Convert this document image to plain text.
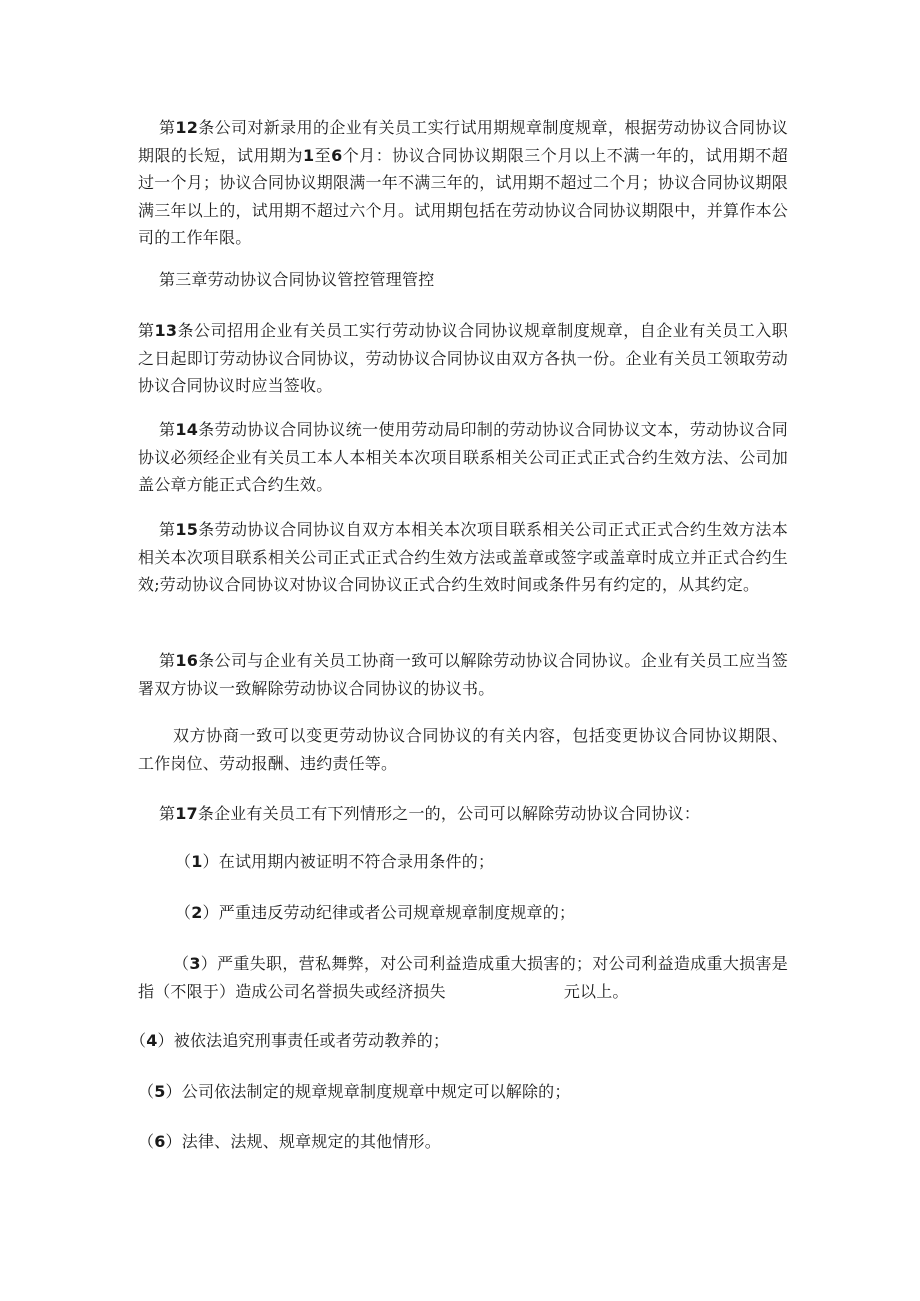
第12条公司对新录用的企业有关员工实行试用期规章制度规章，根据劳动协议合同协议期限的长短，试用期为1至6个月：协议合同协议期限三个月以上不满一年的，试用期不超过一个月；协议合同协议期限满一年不满三年的，试用期不超过二个月；协议合同协议期限满三年以上的，试用期不超过六个月。试用期包括在劳动协议合同协议期限中，并算作本公司的工作年限。

第三章劳动协议合同协议管控管理管控

第13条公司招用企业有关员工实行劳动协议合同协议规章制度规章，自企业有关员工入职之日起即订劳动协议合同协议，劳动协议合同协议由双方各执一份。企业有关员工领取劳动协议合同协议时应当签收。

第14条劳动协议合同协议统一使用劳动局印制的劳动协议合同协议文本，劳动协议合同协议必须经企业有关员工本人本相关本次项目联系相关公司正式正式合约生效方法、公司加盖公章方能正式合约生效。

第15条劳动协议合同协议自双方本相关本次项目联系相关公司正式正式合约生效方法本相关本次项目联系相关公司正式正式合约生效方法或盖章或签字或盖章时成立并正式合约生效;劳动协议合同协议对协议合同协议正式合约生效时间或条件另有约定的，从其约定。

第16条公司与企业有关员工协商一致可以解除劳动协议合同协议。企业有关员工应当签署双方协议一致解除劳动协议合同协议的协议书。

双方协商一致可以变更劳动协议合同协议的有关内容，包括变更协议合同协议期限、工作岗位、劳动报酬、违约责任等。

第17条企业有关员工有下列情形之一的，公司可以解除劳动协议合同协议：

（1）在试用期内被证明不符合录用条件的；

（2）严重违反劳动纪律或者公司规章规章制度规章的；

（3）严重失职，营私舞弊，对公司利益造成重大损害的；对公司利益造成重大损害是指（不限于）造成公司名誉损失或经济损失	元以上。

（4）被依法追究刑事责任或者劳动教养的；

（5）公司依法制定的规章规章制度规章中规定可以解除的；

（6）法律、法规、规章规定的其他情形。
